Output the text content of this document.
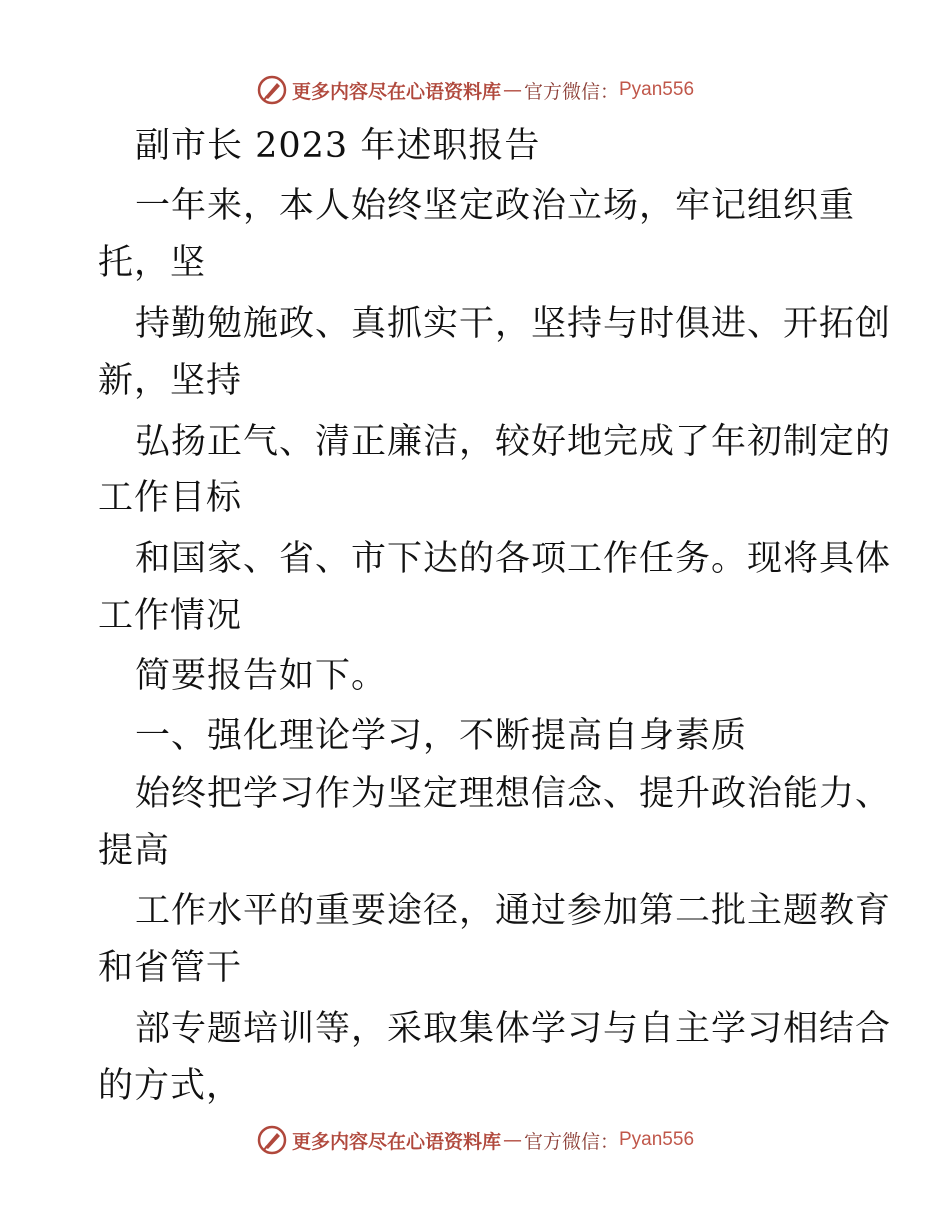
更多内容尽在心语资料库 — 官方微信： Pyan556
副市长 2023 年述职报告
一年来，本人始终坚定政治立场，牢记组织重
托，坚
持勤勉施政、真抓实干，坚持与时俱进、开拓创
新，坚持
弘扬正气、清正廉洁，较好地完成了年初制定的
工作目标
和国家、省、市下达的各项工作任务。现将具体
工作情况
简要报告如下。
一、强化理论学习，不断提高自身素质
始终把学习作为坚定理想信念、提升政治能力、
提高
工作水平的重要途径，通过参加第二批主题教育
和省管干
部专题培训等，采取集体学习与自主学习相结合
的方式，
更多内容尽在心语资料库 — 官方微信： Pyan556
